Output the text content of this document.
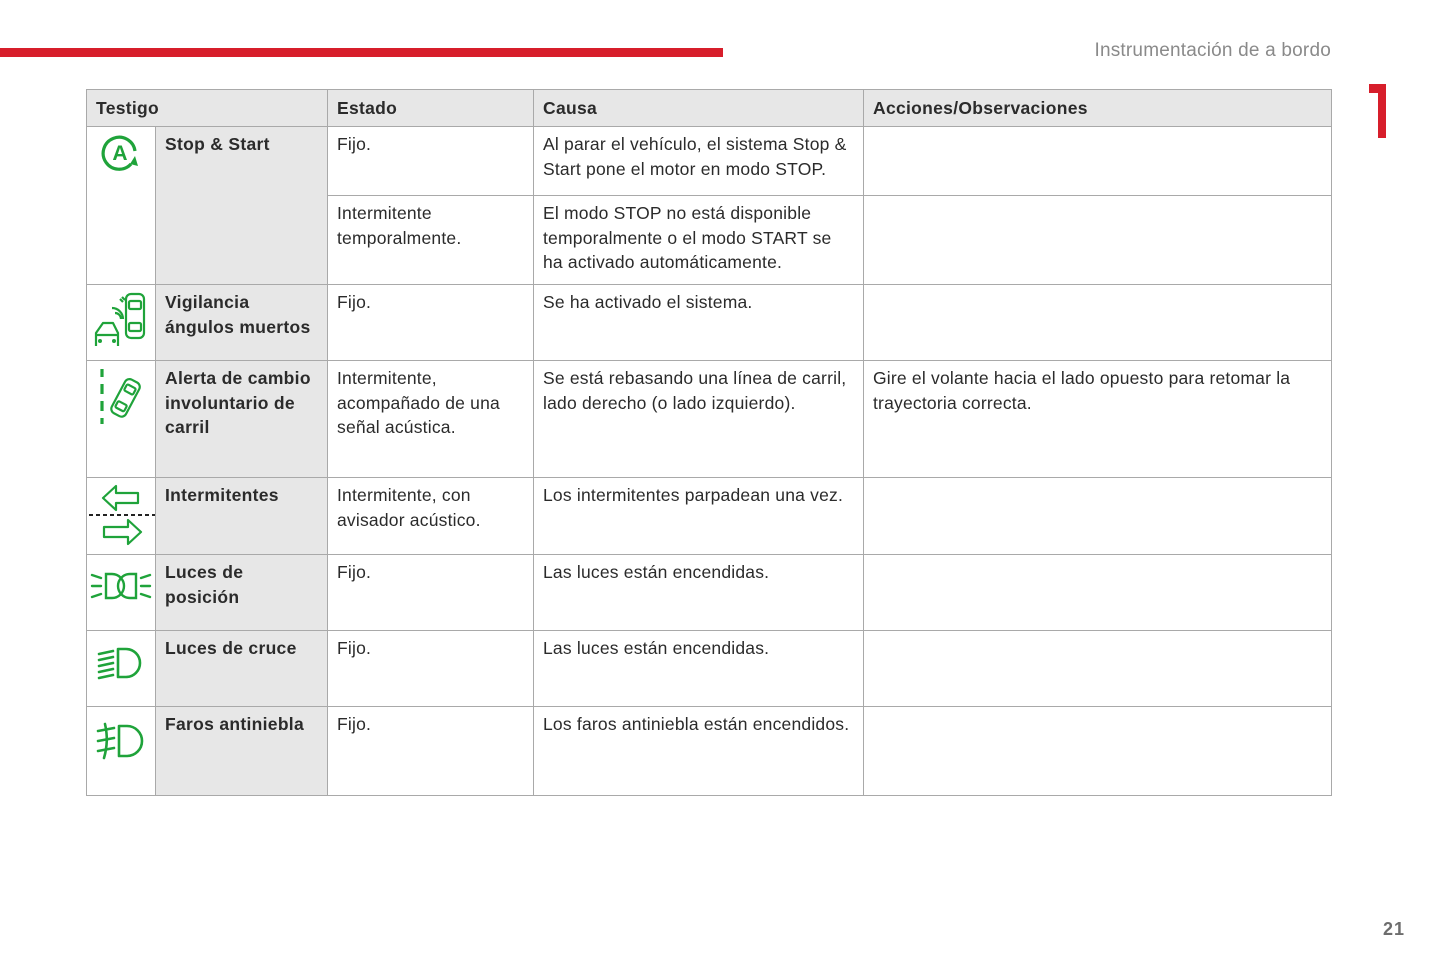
Instrumentación de a bordo
Testigo		Estado	Causa	Acciones/Observaciones

A	Stop & Start	Fijo.	Al parar el vehículo, el sistema Stop & Start pone el motor en modo STOP.	
		Intermitente temporalmente.	El modo STOP no está disponible temporalmente o el modo START se ha activado automáticamente.	

	Vigilancia ángulos muertos	Fijo.	Se ha activado el sistema.	

	Alerta de cambio involuntario de carril	Intermitente, acompañado de una señal acústica.	Se está rebasando una línea de carril, lado derecho (o lado izquierdo).	Gire el volante hacia el lado opuesto para retomar la trayectoria correcta.

	Intermitentes	Intermitente, con avisador acústico.	Los intermitentes parpadean una vez.	

	Luces de posición	Fijo.	Las luces están encendidas.	

	Luces de cruce	Fijo.	Las luces están encendidas.	

	Faros antiniebla	Fijo.	Los faros antiniebla están encendidos.	
21
